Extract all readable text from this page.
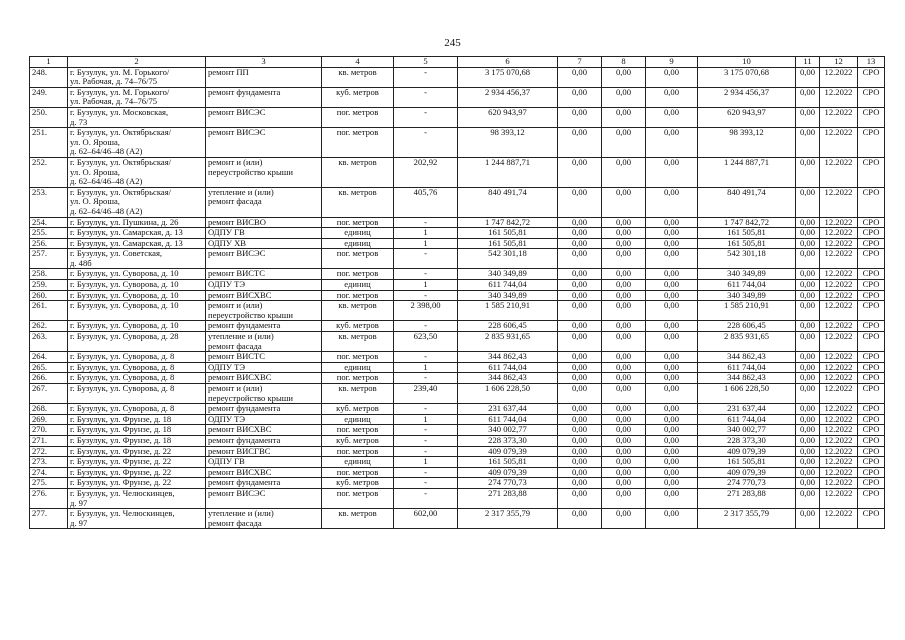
245
1	2	3	4	5	6	7	8	9	10	11	12	13
248.	г. Бузулук, ул. М. Горького/
ул. Рабочая, д. 74–76/75	ремонт ПП	кв. метров	-	3 175 070,68	0,00	0,00	0,00	3 175 070,68	0,00	12.2022	СРО
249.	г. Бузулук, ул. М. Горького/
ул. Рабочая, д. 74–76/75	ремонт фундамента	куб. метров	-	2 934 456,37	0,00	0,00	0,00	2 934 456,37	0,00	12.2022	СРО
250.	г. Бузулук, ул. Московская,
д. 73	ремонт ВИСЭС	пог. метров	-	620 943,97	0,00	0,00	0,00	620 943,97	0,00	12.2022	СРО
251.	г. Бузулук, ул. Октябрьская/
ул. О. Яроша,
д. 62–64/46–48 (А2)	ремонт ВИСЭС	пог. метров	-	98 393,12	0,00	0,00	0,00	98 393,12	0,00	12.2022	СРО
252.	г. Бузулук, ул. Октябрьская/
ул. О. Яроша,
д. 62–64/46–48 (А2)	ремонт и (или)
переустройство крыши	кв. метров	202,92	1 244 887,71	0,00	0,00	0,00	1 244 887,71	0,00	12.2022	СРО
253.	г. Бузулук, ул. Октябрьская/
ул. О. Яроша,
д. 62–64/46–48 (А2)	утепление и (или)
ремонт фасада	кв. метров	405,76	840 491,74	0,00	0,00	0,00	840 491,74	0,00	12.2022	СРО
254.	г. Бузулук, ул. Пушкина, д. 26	ремонт ВИСВО	пог. метров	-	1 747 842,72	0,00	0,00	0,00	1 747 842,72	0,00	12.2022	СРО
255.	г. Бузулук, ул. Самарская, д. 13	ОДПУ ГВ	единиц	1	161 505,81	0,00	0,00	0,00	161 505,81	0,00	12.2022	СРО
256.	г. Бузулук, ул. Самарская, д. 13	ОДПУ ХВ	единиц	1	161 505,81	0,00	0,00	0,00	161 505,81	0,00	12.2022	СРО
257.	г. Бузулук, ул. Советская,
д. 48б	ремонт ВИСЭС	пог. метров	-	542 301,18	0,00	0,00	0,00	542 301,18	0,00	12.2022	СРО
258.	г. Бузулук, ул. Суворова, д. 10	ремонт ВИСТС	пог. метров	-	340 349,89	0,00	0,00	0,00	340 349,89	0,00	12.2022	СРО
259.	г. Бузулук, ул. Суворова, д. 10	ОДПУ ТЭ	единиц	1	611 744,04	0,00	0,00	0,00	611 744,04	0,00	12.2022	СРО
260.	г. Бузулук, ул. Суворова, д. 10	ремонт ВИСХВС	пог. метров	-	340 349,89	0,00	0,00	0,00	340 349,89	0,00	12.2022	СРО
261.	г. Бузулук, ул. Суворова, д. 10	ремонт и (или)
переустройство крыши	кв. метров	2 398,00	1 585 210,91	0,00	0,00	0,00	1 585 210,91	0,00	12.2022	СРО
262.	г. Бузулук, ул. Суворова, д. 10	ремонт фундамента	куб. метров	-	228 606,45	0,00	0,00	0,00	228 606,45	0,00	12.2022	СРО
263.	г. Бузулук, ул. Суворова, д. 28	утепление и (или)
ремонт фасада	кв. метров	623,50	2 835 931,65	0,00	0,00	0,00	2 835 931,65	0,00	12.2022	СРО
264.	г. Бузулук, ул. Суворова, д. 8	ремонт ВИСТС	пог. метров	-	344 862,43	0,00	0,00	0,00	344 862,43	0,00	12.2022	СРО
265.	г. Бузулук, ул. Суворова, д. 8	ОДПУ ТЭ	единиц	1	611 744,04	0,00	0,00	0,00	611 744,04	0,00	12.2022	СРО
266.	г. Бузулук, ул. Суворова, д. 8	ремонт ВИСХВС	пог. метров	-	344 862,43	0,00	0,00	0,00	344 862,43	0,00	12.2022	СРО
267.	г. Бузулук, ул. Суворова, д. 8	ремонт и (или)
переустройство крыши	кв. метров	239,40	1 606 228,50	0,00	0,00	0,00	1 606 228,50	0,00	12.2022	СРО
268.	г. Бузулук, ул. Суворова, д. 8	ремонт фундамента	куб. метров	-	231 637,44	0,00	0,00	0,00	231 637,44	0,00	12.2022	СРО
269.	г. Бузулук, ул. Фрунзе, д. 18	ОДПУ ТЭ	единиц	1	611 744,04	0,00	0,00	0,00	611 744,04	0,00	12.2022	СРО
270.	г. Бузулук, ул. Фрунзе, д. 18	ремонт ВИСХВС	пог. метров	-	340 002,77	0,00	0,00	0,00	340 002,77	0,00	12.2022	СРО
271.	г. Бузулук, ул. Фрунзе, д. 18	ремонт фундамента	куб. метров	-	228 373,30	0,00	0,00	0,00	228 373,30	0,00	12.2022	СРО
272.	г. Бузулук, ул. Фрунзе, д. 22	ремонт ВИСГВС	пог. метров	-	409 079,39	0,00	0,00	0,00	409 079,39	0,00	12.2022	СРО
273.	г. Бузулук, ул. Фрунзе, д. 22	ОДПУ ГВ	единиц	1	161 505,81	0,00	0,00	0,00	161 505,81	0,00	12.2022	СРО
274.	г. Бузулук, ул. Фрунзе, д. 22	ремонт ВИСХВС	пог. метров	-	409 079,39	0,00	0,00	0,00	409 079,39	0,00	12.2022	СРО
275.	г. Бузулук, ул. Фрунзе, д. 22	ремонт фундамента	куб. метров	-	274 770,73	0,00	0,00	0,00	274 770,73	0,00	12.2022	СРО
276.	г. Бузулук, ул. Челюскинцев,
д. 97	ремонт ВИСЭС	пог. метров	-	271 283,88	0,00	0,00	0,00	271 283,88	0,00	12.2022	СРО
277.	г. Бузулук, ул. Челюскинцев,
д. 97	утепление и (или)
ремонт фасада	кв. метров	602,00	2 317 355,79	0,00	0,00	0,00	2 317 355,79	0,00	12.2022	СРО
